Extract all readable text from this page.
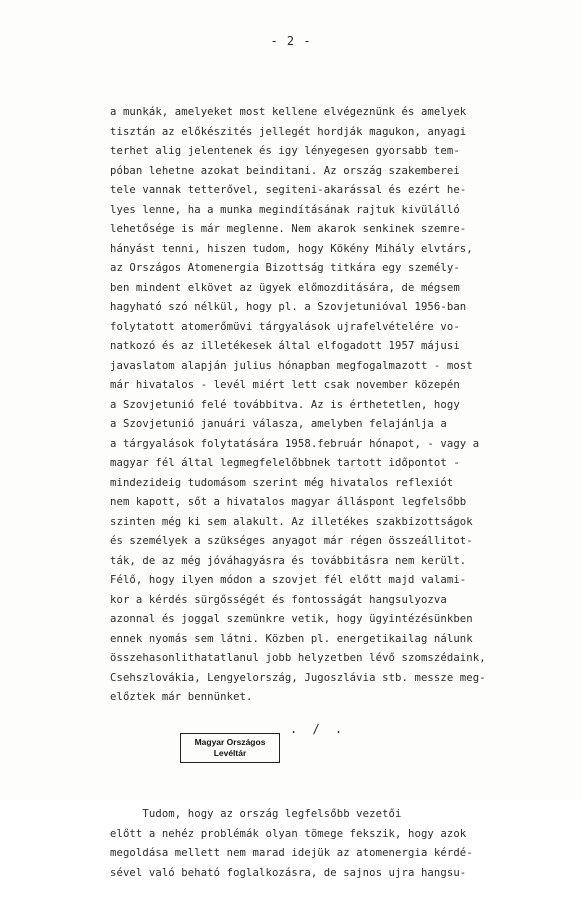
- 2 -

a munkák, amelyeket most kellene elvégeznünk és amelyek
tisztán az előkészités jellegét hordják magukon, anyagi
terhet alig jelentenek és igy lényegesen gyorsabb tem-
póban lehetne azokat beinditani. Az ország szakemberei
tele vannak tetterővel, segiteni-akarással és ezért he-
lyes lenne, ha a munka megindításának rajtuk kivülálló
lehetősége is már meglenne. Nem akarok senkinek szemre-
hányást tenni, hiszen tudom, hogy Kökény Mihály elvtárs,
az Országos Atomenergia Bizottság titkára egy személy-
ben mindent elkövet az ügyek előmozditására, de mégsem
hagyható szó nélkül, hogy pl. a Szovjetunióval 1956-ban
folytatott atomerőmüvi tárgyalások ujrafelvételére vo-
natkozó és az illetékesek által elfogadott 1957 májusi
javaslatom alapján julius hónapban megfogalmazott - most
már hivatalos - levél miért lett csak november közepén
a Szovjetunió felé továbbitva. Az is érthetetlen, hogy
a Szovjetunió januári válasza, amelyben felajánlja a
a tárgyalások folytatására 1958.február hónapot, - vagy a
magyar fél által legmegfelelőbbnek tartott időpontot -
mindezideig tudomásom szerint még hivatalos reflexiót
nem kapott, sőt a hivatalos magyar álláspont legfelsőbb
szinten még ki sem alakult. Az illetékes szakbizottságok
és személyek a szükséges anyagot már régen összeállitot-
ták, de az még jóváhagyásra és továbbitásra nem került.
Félő, hogy ilyen módon a szovjet fél előtt majd valami-
kor a kérdés sürgősségét és fontosságát hangsulyozva
azonnal és joggal szemünkre vetik, hogy ügyintézésünkben
ennek nyomás sem látni. Közben pl. energetikailag nálunk
összehasonlithatatlanul jobb helyzetben lévő szomszédaink,
Csehszlovákia, Lengyelország, Jugoszlávia stb. messze meg-
előztek már bennünket.

Tudom, hogy az ország legfelsőbb vezetői
előtt a nehéz problémák olyan tömege fekszik, hogy azok
megoldása mellett nem marad idejük az atomenergia kérdé-
sével való beható foglalkozásra, de sajnos ujra hangsu-

. / .
Magyar Országos
Levéltár
